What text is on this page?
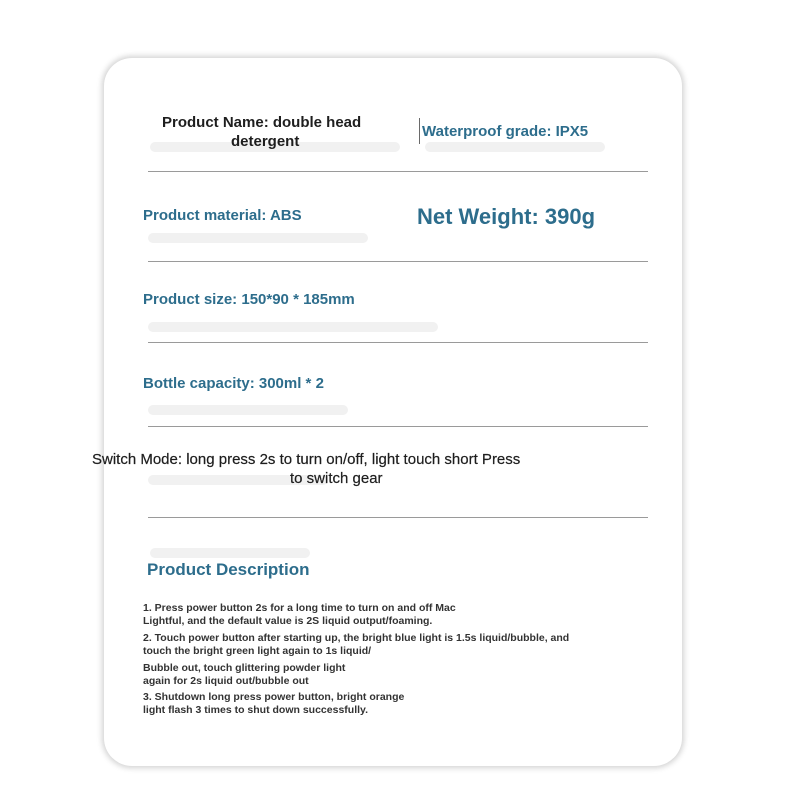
Product Name: double head
detergent
Waterproof grade: IPX5
Product material: ABS	Net Weight: 390g
Product size: 150*90 * 185mm
Bottle capacity: 300ml * 2
Switch Mode: long press 2s to turn on/off, light touch short Press
to switch gear
Product Description
1. Press power button 2s for a long time to turn on and off Mac
Lightful, and the default value is 2S liquid output/foaming.
2. Touch power button after starting up, the bright blue light is 1.5s liquid/bubble, and
touch the bright green light again to 1s liquid/
Bubble out, touch glittering powder light
again for 2s liquid out/bubble out
3. Shutdown long press power button, bright orange
light flash 3 times to shut down successfully.
